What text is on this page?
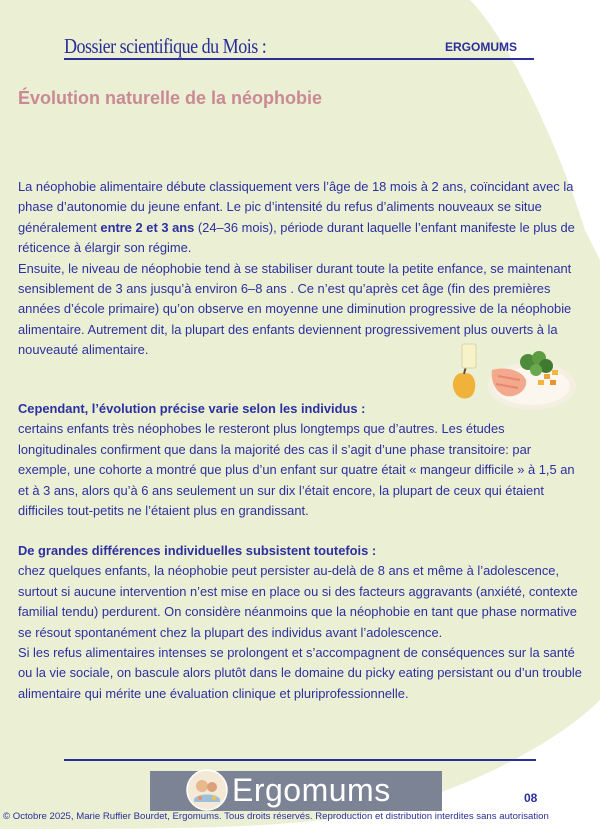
Dossier scientifique du Mois :	ERGOMUMS
Évolution naturelle de la néophobie

La néophobie alimentaire débute classiquement vers l’âge de 18 mois à 2 ans, coïncidant avec la phase d’autonomie du jeune enfant. Le pic d’intensité du refus d’aliments nouveaux se situe généralement entre 2 et 3 ans (24–36 mois), période durant laquelle l’enfant manifeste le plus de réticence à élargir son régime.

Ensuite, le niveau de néophobie tend à se stabiliser durant toute la petite enfance, se maintenant sensiblement de 3 ans jusqu’à environ 6–8 ans . Ce n’est qu’après cet âge (fin des premières années d’école primaire) qu’on observe en moyenne une diminution progressive de la néophobie alimentaire. Autrement dit, la plupart des enfants deviennent progressivement plus ouverts à la nouveauté alimentaire.

Cependant, l’évolution précise varie selon les individus :

certains enfants très néophobes le resteront plus longtemps que d’autres. Les études longitudinales confirment que dans la majorité des cas il s’agit d’une phase transitoire: par exemple, une cohorte a montré que plus d’un enfant sur quatre était « mangeur difficile » à 1,5 an et à 3 ans, alors qu’à 6 ans seulement un sur dix l’était encore, la plupart de ceux qui étaient difficiles tout-petits ne l’étaient plus en grandissant.

De grandes différences individuelles subsistent toutefois :

chez quelques enfants, la néophobie peut persister au-delà de 8 ans et même à l’adolescence, surtout si aucune intervention n’est mise en place ou si des facteurs aggravants (anxiété, contexte familial tendu) perdurent. On considère néanmoins que la néophobie en tant que phase normative se résout spontanément chez la plupart des individus avant l’adolescence.

Si les refus alimentaires intenses se prolongent et s’accompagnent de conséquences sur la santé ou la vie sociale, on bascule alors plutôt dans le domaine du picky eating persistant ou d’un trouble alimentaire qui mérite une évaluation clinique et pluriprofessionnelle.

Ergomums	08
© Octobre 2025, Marie Ruffier Bourdet, Ergomums. Tous droits réservés. Reproduction et distribution interdites sans autorisation
